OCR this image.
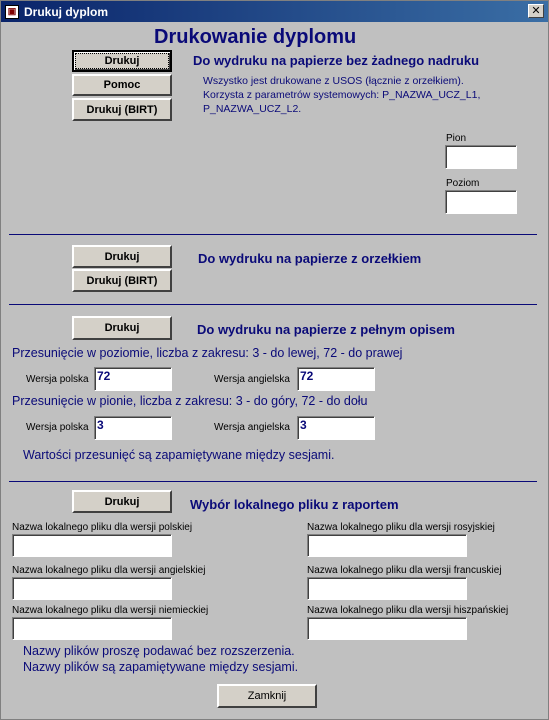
▣ Drukuj dyplom	✕
Drukowanie dyplomu
Drukuj
Pomoc
Drukuj (BIRT)
Do wydruku na papierze bez żadnego nadruku
Wszystko jest drukowane z USOS (łącznie z orzełkiem).
Korzysta z parametrów systemowych: P_NAZWA_UCZ_L1,
P_NAZWA_UCZ_L2.
Pion
Poziom
Drukuj
Drukuj (BIRT)
Do wydruku na papierze z orzełkiem
Drukuj	Do wydruku na papierze z pełnym opisem
Przesunięcie w poziomie, liczba z zakresu: 3 - do lewej, 72 - do prawej
Wersja polska 72	Wersja angielska 72
Przesunięcie w pionie, liczba z zakresu: 3 - do góry, 72 - do dołu
Wersja polska 3	Wersja angielska 3
Wartości przesunięć są zapamiętywane między sesjami.
Drukuj	Wybór lokalnego pliku z raportem
Nazwa lokalnego pliku dla wersji polskiej	Nazwa lokalnego pliku dla wersji rosyjskiej
Nazwa lokalnego pliku dla wersji angielskiej	Nazwa lokalnego pliku dla wersji francuskiej
Nazwa lokalnego pliku dla wersji niemieckiej	Nazwa lokalnego pliku dla wersji hiszpańskiej
Nazwy plików proszę podawać bez rozszerzenia.
Nazwy plików są zapamiętywane między sesjami.
Zamknij
